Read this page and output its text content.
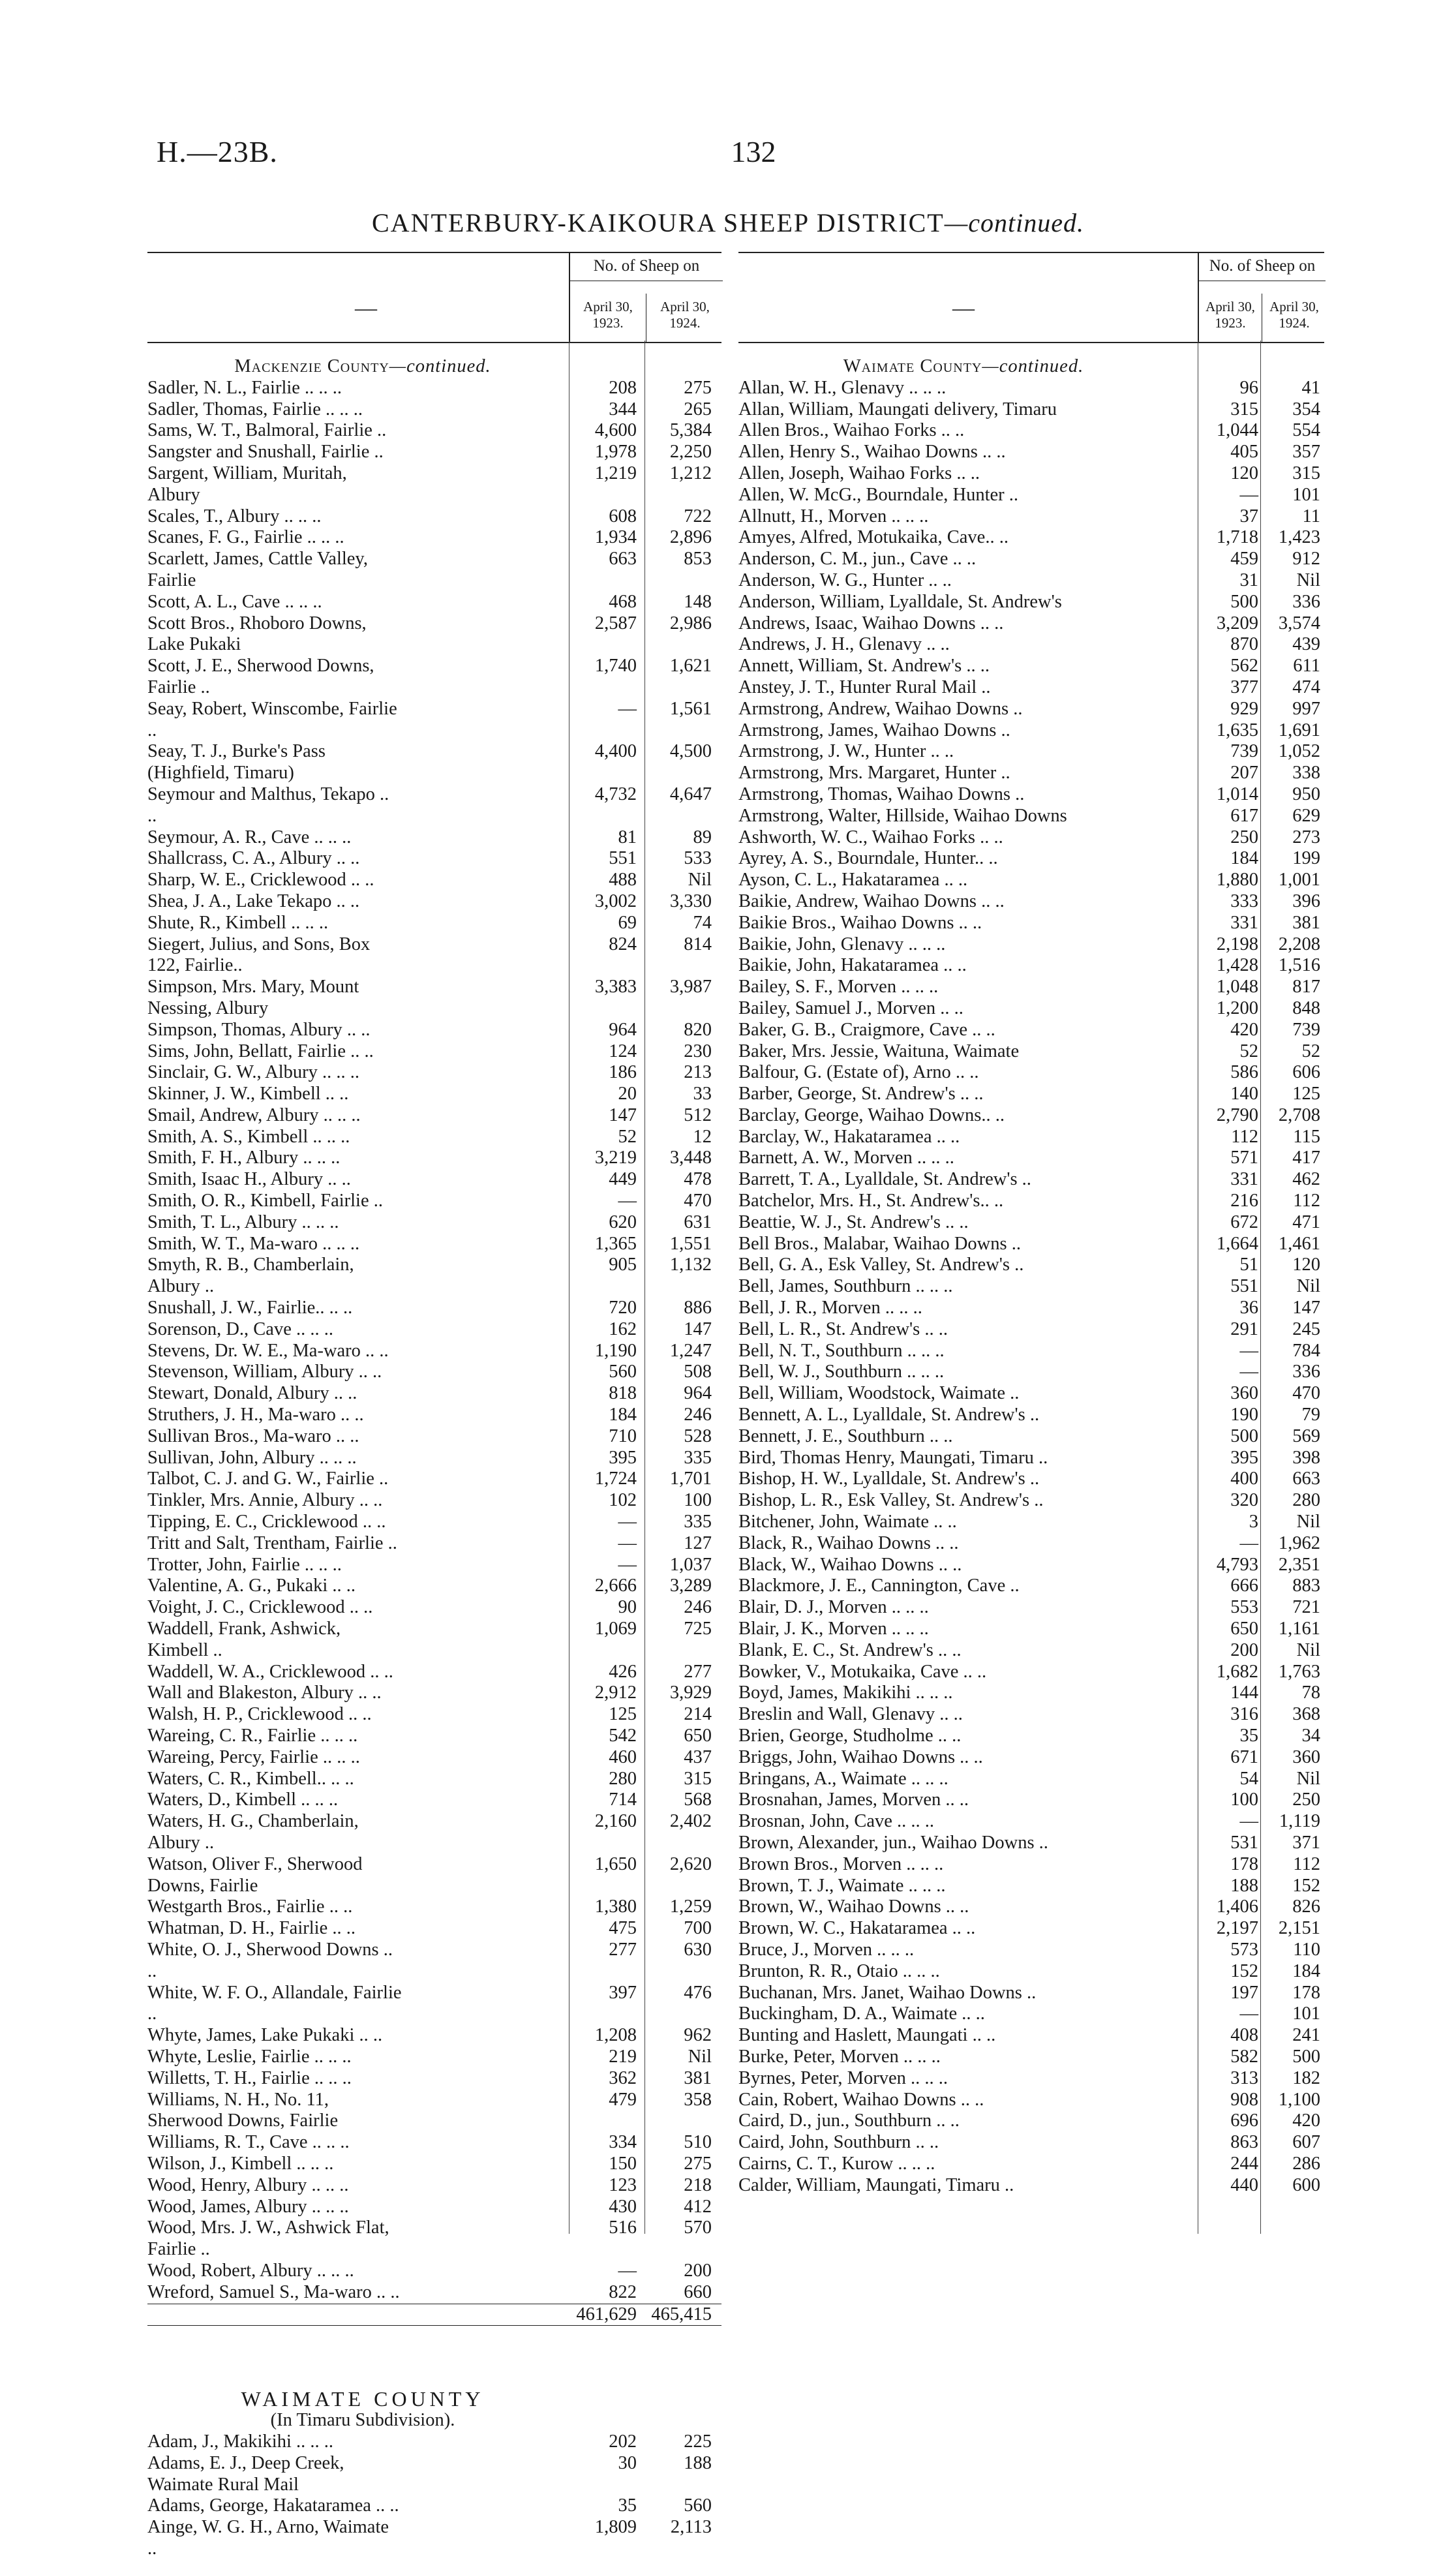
H.—23B.	132
CANTERBURY-KAIKOURA SHEEP DISTRICT—continued.
—
No. of Sheep on
April 30, 1923.
April 30, 1924.
Mackenzie County—continued.
Sadler, N. L., Fairlie .. .. ..	208	275
Sadler, Thomas, Fairlie .. .. ..	344	265
Sams, W. T., Balmoral, Fairlie ..	4,600	5,384
Sangster and Snushall, Fairlie ..	1,978	2,250
Sargent, William, Muritah, Albury
1,219	1,212
Scales, T., Albury .. .. ..	608	722
Scanes, F. G., Fairlie .. .. ..	1,934	2,896
Scarlett, James, Cattle Valley, Fairlie
663	853
Scott, A. L., Cave .. .. ..	468	148
Scott Bros., Rhoboro Downs, Lake Pukaki
2,587	2,986
Scott, J. E., Sherwood Downs, Fairlie ..
1,740	1,621
Seay, Robert, Winscombe, Fairlie ..
—	1,561
Seay, T. J., Burke's Pass (Highfield, Timaru)
4,400	4,500
Seymour and Malthus, Tekapo .. ..
4,732	4,647
Seymour, A. R., Cave .. .. ..	81	89
Shallcrass, C. A., Albury .. ..	551	533
Sharp, W. E., Cricklewood .. ..	488	Nil
Shea, J. A., Lake Tekapo .. ..	3,002	3,330
Shute, R., Kimbell .. .. ..	69	74
Siegert, Julius, and Sons, Box 122, Fairlie..
824	814
Simpson, Mrs. Mary, Mount Nessing, Albury
3,383	3,987
Simpson, Thomas, Albury .. ..	964	820
Sims, John, Bellatt, Fairlie .. ..	124	230
Sinclair, G. W., Albury .. .. ..	186	213
Skinner, J. W., Kimbell .. ..	20	33
Smail, Andrew, Albury .. .. ..	147	512
Smith, A. S., Kimbell .. .. ..	52	12
Smith, F. H., Albury .. .. ..	3,219	3,448
Smith, Isaac H., Albury .. ..	449	478
Smith, O. R., Kimbell, Fairlie ..	—	470
Smith, T. L., Albury .. .. ..	620	631
Smith, W. T., Ma-waro .. .. ..	1,365	1,551
Smyth, R. B., Chamberlain, Albury ..
905	1,132
Snushall, J. W., Fairlie.. .. ..	720	886
Sorenson, D., Cave .. .. ..	162	147
Stevens, Dr. W. E., Ma-waro .. ..	1,190	1,247
Stevenson, William, Albury .. ..	560	508
Stewart, Donald, Albury .. ..	818	964
Struthers, J. H., Ma-waro .. ..	184	246
Sullivan Bros., Ma-waro .. ..	710	528
Sullivan, John, Albury .. .. ..	395	335
Talbot, C. J. and G. W., Fairlie ..	1,724	1,701
Tinkler, Mrs. Annie, Albury .. ..	102	100
Tipping, E. C., Cricklewood .. ..	—	335
Tritt and Salt, Trentham, Fairlie ..	—	127
Trotter, John, Fairlie .. .. ..	—	1,037
Valentine, A. G., Pukaki .. ..	2,666	3,289
Voight, J. C., Cricklewood .. ..	90	246
Waddell, Frank, Ashwick, Kimbell ..
1,069	725
Waddell, W. A., Cricklewood .. ..	426	277
Wall and Blakeston, Albury .. ..	2,912	3,929
Walsh, H. P., Cricklewood .. ..	125	214
Wareing, C. R., Fairlie .. .. ..	542	650
Wareing, Percy, Fairlie .. .. ..	460	437
Waters, C. R., Kimbell.. .. ..	280	315
Waters, D., Kimbell .. .. ..	714	568
Waters, H. G., Chamberlain, Albury ..
2,160	2,402
Watson, Oliver F., Sherwood Downs, Fairlie
1,650	2,620
Westgarth Bros., Fairlie .. ..	1,380	1,259
Whatman, D. H., Fairlie .. ..	475	700
White, O. J., Sherwood Downs .. ..
277	630
White, W. F. O., Allandale, Fairlie ..
397	476
Whyte, James, Lake Pukaki .. ..	1,208	962
Whyte, Leslie, Fairlie .. .. ..	219	Nil
Willetts, T. H., Fairlie .. .. ..	362	381
Williams, N. H., No. 11, Sherwood Downs, Fairlie
479	358
Williams, R. T., Cave .. .. ..	334	510
Wilson, J., Kimbell .. .. ..	150	275
Wood, Henry, Albury .. .. ..	123	218
Wood, James, Albury .. .. ..	430	412
Wood, Mrs. J. W., Ashwick Flat, Fairlie ..
516	570
Wood, Robert, Albury .. .. ..	—	200
Wreford, Samuel S., Ma-waro .. ..	822	660
461,629 465,415
WAIMATE COUNTY
(In Timaru Subdivision).
Adam, J., Makikihi .. .. ..	202	225
Adams, E. J., Deep Creek, Waimate Rural Mail
30	188
Adams, George, Hakataramea .. ..	35	560
Ainge, W. G. H., Arno, Waimate ..
1,809	2,113
—
No. of Sheep on
April 30, 1923.
April 30, 1924.
Waimate County—continued.
Allan, W. H., Glenavy .. .. ..	96	41
Allan, William, Maungati delivery, Timaru	315	354
Allen Bros., Waihao Forks .. ..	1,044	554
Allen, Henry S., Waihao Downs .. ..	405	357
Allen, Joseph, Waihao Forks .. ..	120	315
Allen, W. McG., Bourndale, Hunter ..	—	101
Allnutt, H., Morven .. .. ..	37	11
Amyes, Alfred, Motukaika, Cave.. ..	1,718	1,423
Anderson, C. M., jun., Cave .. ..	459	912
Anderson, W. G., Hunter .. ..	31	Nil
Anderson, William, Lyalldale, St. Andrew's	500	336
Andrews, Isaac, Waihao Downs .. ..	3,209	3,574
Andrews, J. H., Glenavy .. ..	870	439
Annett, William, St. Andrew's .. ..	562	611
Anstey, J. T., Hunter Rural Mail ..	377	474
Armstrong, Andrew, Waihao Downs ..	929	997
Armstrong, James, Waihao Downs ..	1,635	1,691
Armstrong, J. W., Hunter .. ..	739	1,052
Armstrong, Mrs. Margaret, Hunter ..	207	338
Armstrong, Thomas, Waihao Downs ..	1,014	950
Armstrong, Walter, Hillside, Waihao Downs	617	629
Ashworth, W. C., Waihao Forks .. ..	250	273
Ayrey, A. S., Bourndale, Hunter.. ..	184	199
Ayson, C. L., Hakataramea .. ..	1,880	1,001
Baikie, Andrew, Waihao Downs .. ..	333	396
Baikie Bros., Waihao Downs .. ..	331	381
Baikie, John, Glenavy .. .. ..	2,198	2,208
Baikie, John, Hakataramea .. ..	1,428	1,516
Bailey, S. F., Morven .. .. ..	1,048	817
Bailey, Samuel J., Morven .. ..	1,200	848
Baker, G. B., Craigmore, Cave .. ..	420	739
Baker, Mrs. Jessie, Waituna, Waimate	52	52
Balfour, G. (Estate of), Arno .. ..	586	606
Barber, George, St. Andrew's .. ..	140	125
Barclay, George, Waihao Downs.. ..	2,790	2,708
Barclay, W., Hakataramea .. ..	112	115
Barnett, A. W., Morven .. .. ..	571	417
Barrett, T. A., Lyalldale, St. Andrew's ..	331	462
Batchelor, Mrs. H., St. Andrew's.. ..	216	112
Beattie, W. J., St. Andrew's .. ..	672	471
Bell Bros., Malabar, Waihao Downs ..	1,664	1,461
Bell, G. A., Esk Valley, St. Andrew's ..	51	120
Bell, James, Southburn .. .. ..	551	Nil
Bell, J. R., Morven .. .. ..	36	147
Bell, L. R., St. Andrew's .. ..	291	245
Bell, N. T., Southburn .. .. ..	—	784
Bell, W. J., Southburn .. .. ..	—	336
Bell, William, Woodstock, Waimate ..	360	470
Bennett, A. L., Lyalldale, St. Andrew's ..	190	79
Bennett, J. E., Southburn .. ..	500	569
Bird, Thomas Henry, Maungati, Timaru ..	395	398
Bishop, H. W., Lyalldale, St. Andrew's ..	400	663
Bishop, L. R., Esk Valley, St. Andrew's ..	320	280
Bitchener, John, Waimate .. ..	3	Nil
Black, R., Waihao Downs .. ..	—	1,962
Black, W., Waihao Downs .. ..	4,793	2,351
Blackmore, J. E., Cannington, Cave ..	666	883
Blair, D. J., Morven .. .. ..	553	721
Blair, J. K., Morven .. .. ..	650	1,161
Blank, E. C., St. Andrew's .. ..	200	Nil
Bowker, V., Motukaika, Cave .. ..	1,682	1,763
Boyd, James, Makikihi .. .. ..	144	78
Breslin and Wall, Glenavy .. ..	316	368
Brien, George, Studholme .. ..	35	34
Briggs, John, Waihao Downs .. ..	671	360
Bringans, A., Waimate .. .. ..	54	Nil
Brosnahan, James, Morven .. ..	100	250
Brosnan, John, Cave .. .. ..	—	1,119
Brown, Alexander, jun., Waihao Downs ..	531	371
Brown Bros., Morven .. .. ..	178	112
Brown, T. J., Waimate .. .. ..	188	152
Brown, W., Waihao Downs .. ..	1,406	826
Brown, W. C., Hakataramea .. ..	2,197	2,151
Bruce, J., Morven .. .. ..	573	110
Brunton, R. R., Otaio .. .. ..	152	184
Buchanan, Mrs. Janet, Waihao Downs ..	197	178
Buckingham, D. A., Waimate .. ..	—	101
Bunting and Haslett, Maungati .. ..	408	241
Burke, Peter, Morven .. .. ..	582	500
Byrnes, Peter, Morven .. .. ..	313	182
Cain, Robert, Waihao Downs .. ..	908	1,100
Caird, D., jun., Southburn .. ..	696	420
Caird, John, Southburn .. ..	863	607
Cairns, C. T., Kurow .. .. ..	244	286
Calder, William, Maungati, Timaru ..	440	600
